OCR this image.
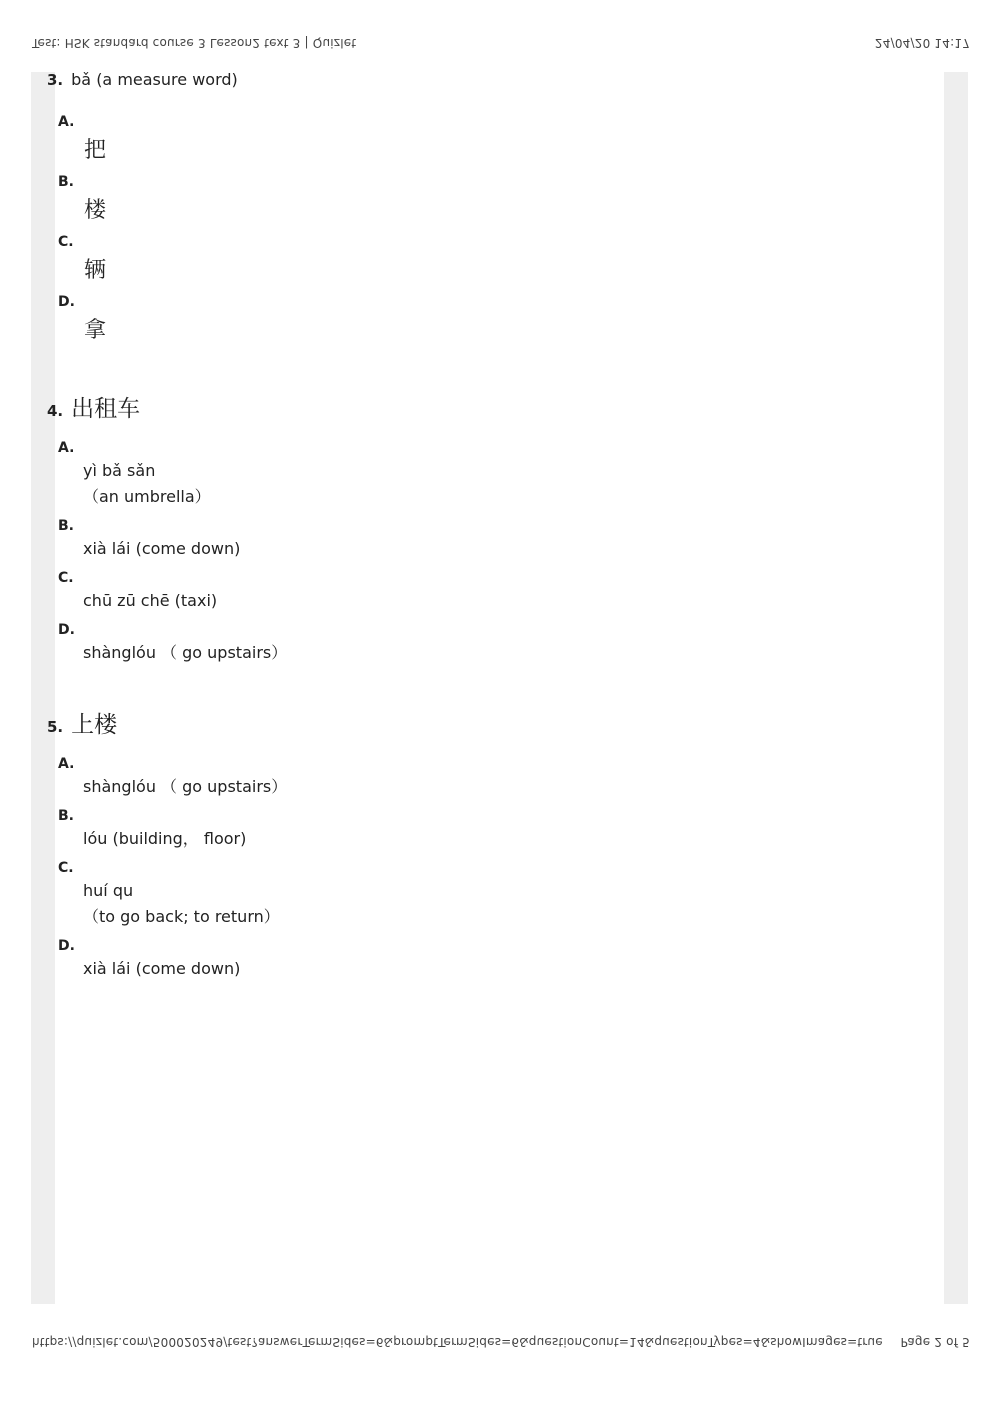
Test: HSK standard course 3 Lesson2 text 3 | Quizlet	24/04/20 14:17
3. bǎ (a measure word)
A.
把
B.
楼
C.
辆
D.
拿
4. 出租车
A.
yì bǎ sǎn
（an umbrella）
B.
xià lái (come down)
C.
chū zū chē (taxi)
D.
shànglóu （ go upstairs）
5. 上楼
A.
shànglóu （ go upstairs）
B.
lóu (building， floor)
C.
huí qu
（to go back; to return）
D.
xià lái (come down)
https://quizlet.com/500020249/test?answerTermSides=6&promptTermSides=6&questionCount=14&questionTypes=4&showImages=true Page 2 of 5
